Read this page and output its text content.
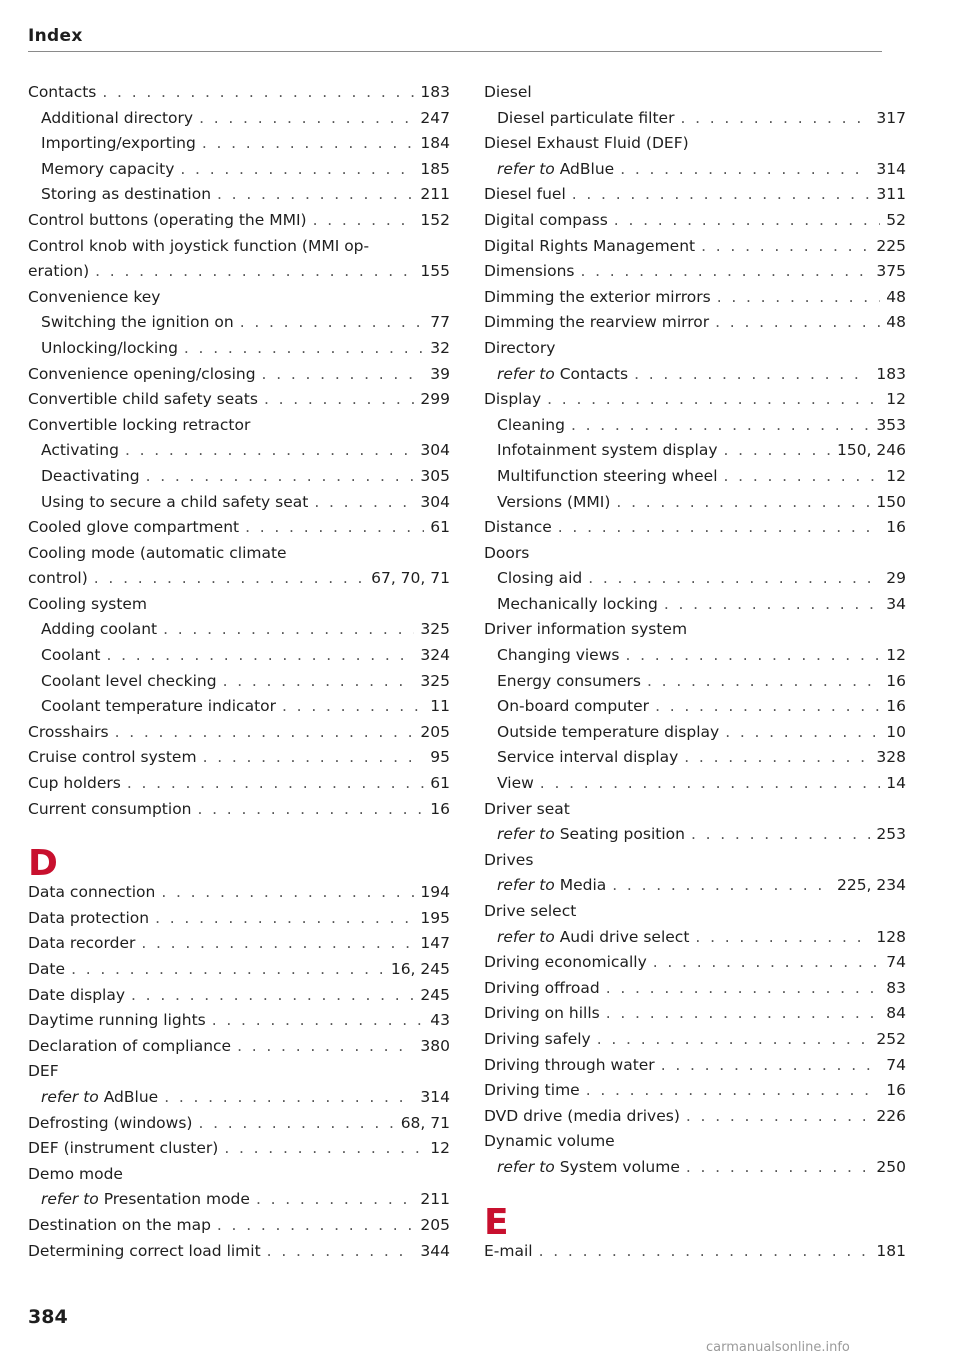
Index
Contacts . . .	183
Additional directory . . .	247
Importing/exporting . . .	184
Memory capacity . . .	185
Storing as destination . . .	211
Control buttons (operating the MMI) . . .	152
Control knob with joystick function (MMI op-
eration) . . .	155
Convenience key
Switching the ignition on . . .	77
Unlocking/locking . . .	32
Convenience opening/closing . . .	39
Convertible child safety seats . . .	299
Convertible locking retractor
Activating . . .	304
Deactivating . . .	305
Using to secure a child safety seat . . .	304
Cooled glove compartment . . .	61
Cooling mode (automatic climate
control) . . .	67, 70, 71
Cooling system
Adding coolant . . .	325
Coolant . . .	324
Coolant level checking . . .	325
Coolant temperature indicator . . .	11
Crosshairs . . .	205
Cruise control system . . .	95
Cup holders . . .	61
Current consumption . . .	16
D
Data connection . . .	194
Data protection . . .	195
Data recorder . . .	147
Date . . .	16, 245
Date display . . .	245
Daytime running lights . . .	43
Declaration of compliance . . .	380
DEF
refer to AdBlue . . .	314
Defrosting (windows) . . .	68, 71
DEF (instrument cluster) . . .	12
Demo mode
refer to Presentation mode . . .	211
Destination on the map . . .	205
Determining correct load limit . . .	344
Diesel
Diesel particulate filter . . .	317
Diesel Exhaust Fluid (DEF)
refer to AdBlue . . .	314
Diesel fuel . . .	311
Digital compass . . .	52
Digital Rights Management . . .	225
Dimensions . . .	375
Dimming the exterior mirrors . . .	48
Dimming the rearview mirror . . .	48
Directory
refer to Contacts . . .	183
Display . . .	12
Cleaning . . .	353
Infotainment system display . . .	150, 246
Multifunction steering wheel . . .	12
Versions (MMI) . . .	150
Distance . . .	16
Doors
Closing aid . . .	29
Mechanically locking . . .	34
Driver information system
Changing views . . .	12
Energy consumers . . .	16
On-board computer . . .	16
Outside temperature display . . .	10
Service interval display . . .	328
View . . .	14
Driver seat
refer to Seating position . . .	253
Drives
refer to Media . . .	225, 234
Drive select
refer to Audi drive select . . .	128
Driving economically . . .	74
Driving offroad . . .	83
Driving on hills . . .	84
Driving safely . . .	252
Driving through water . . .	74
Driving time . . .	16
DVD drive (media drives) . . .	226
Dynamic volume
refer to System volume . . .	250
E
E-mail . . .	181
384
carmanualsonline.info
